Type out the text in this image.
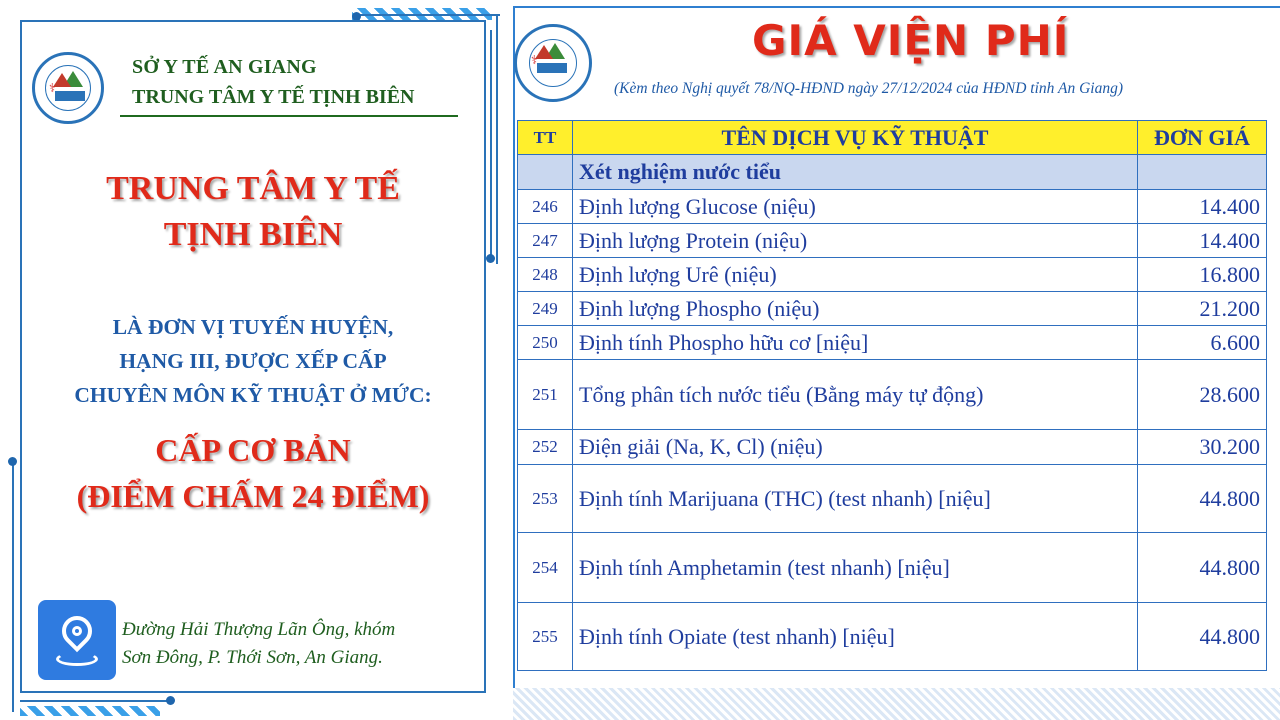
⚕
SỞ Y TẾ AN GIANG
TRUNG TÂM Y TẾ TỊNH BIÊN
TRUNG TÂM Y TẾ
TỊNH BIÊN
LÀ ĐƠN VỊ TUYẾN HUYỆN,
HẠNG III, ĐƯỢC XẾP CẤP
CHUYÊN MÔN KỸ THUẬT Ở MỨC:
CẤP CƠ BẢN
(ĐIỂM CHẤM 24 ĐIỂM)
Đường Hải Thượng Lãn Ông, khóm
Sơn Đông, P. Thới Sơn, An Giang.
⚕	GIÁ VIỆN PHÍ
(Kèm theo Nghị quyết 78/NQ-HĐND ngày 27/12/2024 của HĐND tỉnh An Giang)
TT	TÊN DỊCH VỤ KỸ THUẬT	ĐƠN GIÁ
	Xét nghiệm nước tiểu	
246	Định lượng Glucose (niệu)	14.400
247	Định lượng Protein (niệu)	14.400
248	Định lượng Urê (niệu)	16.800
249	Định lượng Phospho (niệu)	21.200
250	Định tính Phospho hữu cơ [niệu]	6.600
251	Tổng phân tích nước tiểu (Bằng máy tự động)	28.600
252	Điện giải (Na, K, Cl) (niệu)	30.200
253	Định tính Marijuana (THC) (test nhanh) [niệu]	44.800
254	Định tính Amphetamin (test nhanh) [niệu]	44.800
255	Định tính Opiate (test nhanh) [niệu]	44.800
